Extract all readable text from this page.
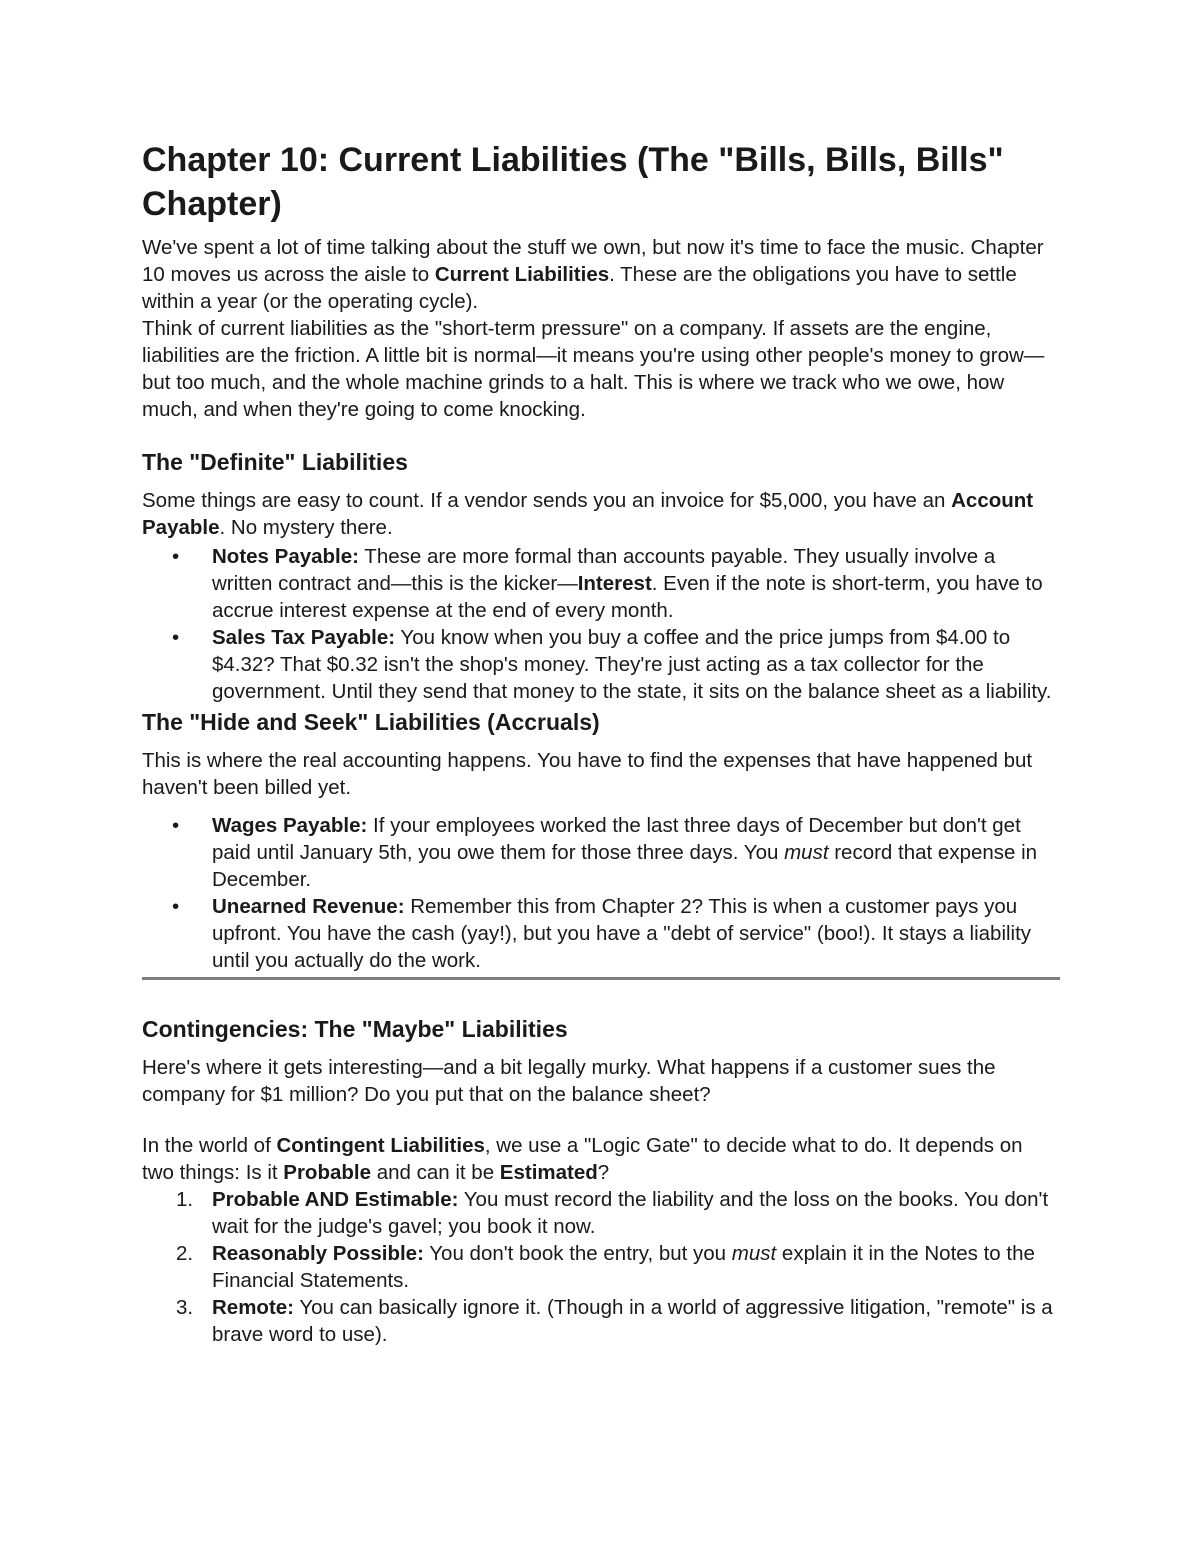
Chapter 10: Current Liabilities (The "Bills, Bills, Bills" Chapter)

We've spent a lot of time talking about the stuff we own, but now it's time to face the music. Chapter 10 moves us across the aisle to Current Liabilities. These are the obligations you have to settle within a year (or the operating cycle).

Think of current liabilities as the "short-term pressure" on a company. If assets are the engine, liabilities are the friction. A little bit is normal—it means you're using other people's money to grow—but too much, and the whole machine grinds to a halt. This is where we track who we owe, how much, and when they're going to come knocking.

The "Definite" Liabilities

Some things are easy to count. If a vendor sends you an invoice for $5,000, you have an Account Payable. No mystery there.

• Notes Payable: These are more formal than accounts payable. They usually involve a written contract and—this is the kicker—Interest. Even if the note is short-term, you have to accrue interest expense at the end of every month.
• Sales Tax Payable: You know when you buy a coffee and the price jumps from $4.00 to $4.32? That $0.32 isn't the shop's money. They're just acting as a tax collector for the government. Until they send that money to the state, it sits on the balance sheet as a liability.
The "Hide and Seek" Liabilities (Accruals)

This is where the real accounting happens. You have to find the expenses that have happened but haven't been billed yet.

• Wages Payable: If your employees worked the last three days of December but don't get paid until January 5th, you owe them for those three days. You must record that expense in December.
• Unearned Revenue: Remember this from Chapter 2? This is when a customer pays you upfront. You have the cash (yay!), but you have a "debt of service" (boo!). It stays a liability until you actually do the work.
Contingencies: The "Maybe" Liabilities

Here's where it gets interesting—and a bit legally murky. What happens if a customer sues the company for $1 million? Do you put that on the balance sheet?

In the world of Contingent Liabilities, we use a "Logic Gate" to decide what to do. It depends on two things: Is it Probable and can it be Estimated?

1. Probable AND Estimable: You must record the liability and the loss on the books. You don't wait for the judge's gavel; you book it now.
2. Reasonably Possible: You don't book the entry, but you must explain it in the Notes to the Financial Statements.
3. Remote: You can basically ignore it. (Though in a world of aggressive litigation, "remote" is a brave word to use).
